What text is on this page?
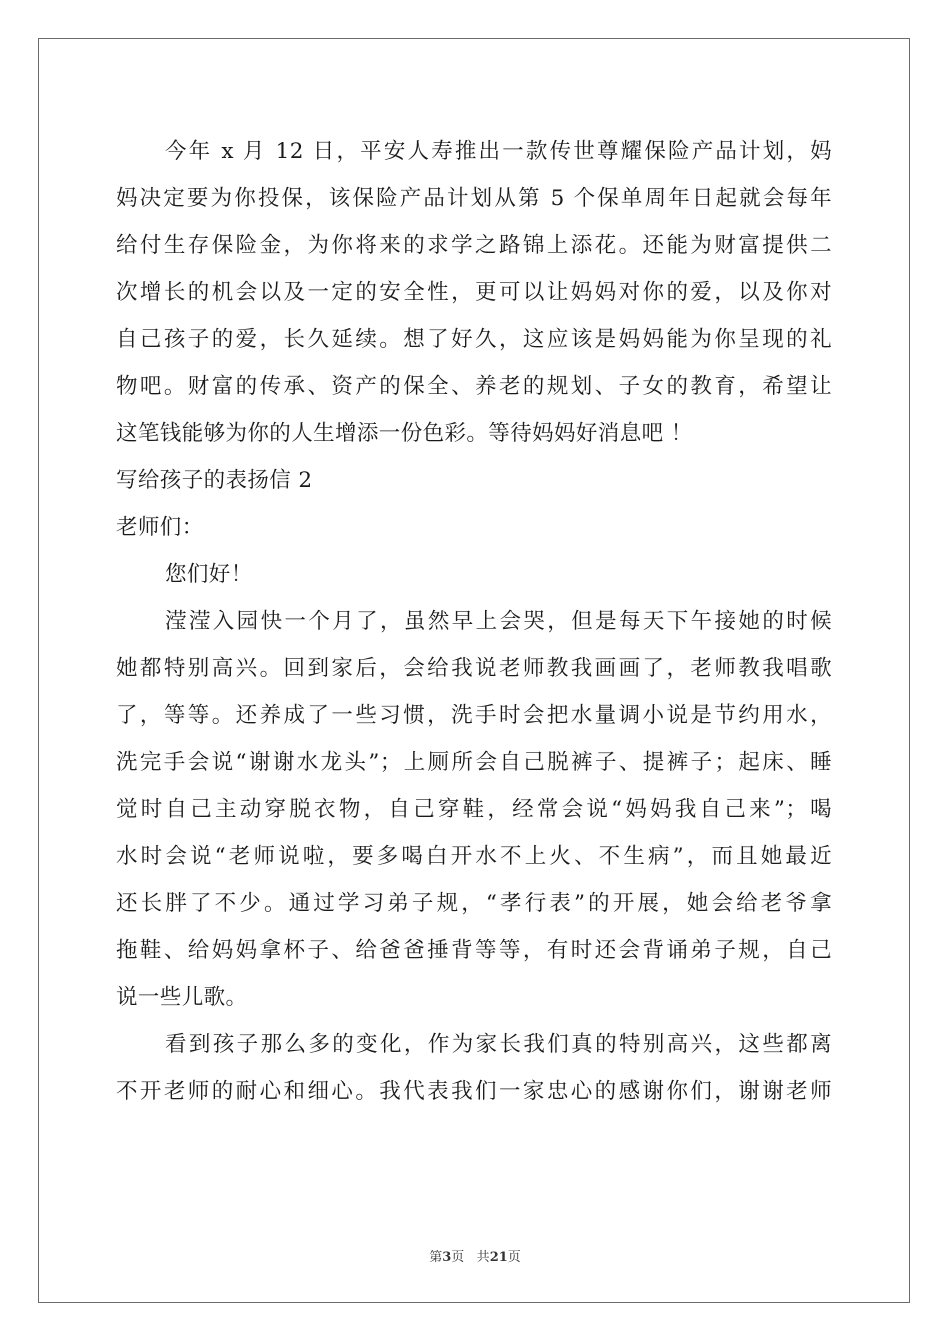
今年 x 月 12 日，平安人寿推出一款传世尊耀保险产品计划，妈
妈决定要为你投保，该保险产品计划从第 5 个保单周年日起就会每年
给付生存保险金，为你将来的求学之路锦上添花。还能为财富提供二
次增长的机会以及一定的安全性，更可以让妈妈对你的爱，以及你对
自己孩子的爱，长久延续。想了好久，这应该是妈妈能为你呈现的礼
物吧。财富的传承、资产的保全、养老的规划、子女的教育，希望让
这笔钱能够为你的人生增添一份色彩。等待妈妈好消息吧 ！
写给孩子的表扬信 2
老师们：
您们好！
滢滢入园快一个月了，虽然早上会哭，但是每天下午接她的时候
她都特别高兴。回到家后，会给我说老师教我画画了，老师教我唱歌
了，等等。还养成了一些习惯，洗手时会把水量调小说是节约用水，
洗完手会说“谢谢水龙头”；上厕所会自己脱裤子、提裤子；起床、睡
觉时自己主动穿脱衣物，自己穿鞋，经常会说“妈妈我自己来”；喝
水时会说“老师说啦，要多喝白开水不上火、不生病”，而且她最近
还长胖了不少。通过学习弟子规，“孝行表”的开展，她会给老爷拿
拖鞋、给妈妈拿杯子、给爸爸捶背等等，有时还会背诵弟子规，自己
说一些儿歌。
看到孩子那么多的变化，作为家长我们真的特别高兴，这些都离
不开老师的耐心和细心。我代表我们一家忠心的感谢你们，谢谢老师
第3页 共21页
